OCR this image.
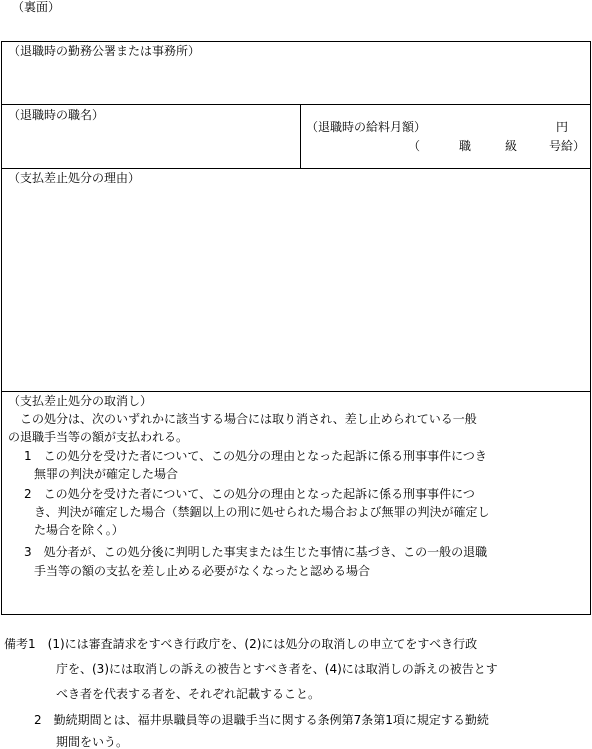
（裏面）
（退職時の勤務公署または事務所）
（退職時の職名）
（退職時の給料月額）	円
（	職	級	号給）
（支払差止処分の理由）
（支払差止処分の取消し）
この処分は、次のいずれかに該当する場合には取り消され、差し止められている一般
の退職手当等の額が支払われる。
1　この処分を受けた者について、この処分の理由となった起訴に係る刑事事件につき
無罪の判決が確定した場合
2　この処分を受けた者について、この処分の理由となった起訴に係る刑事事件につ
き、判決が確定した場合（禁錮以上の刑に処せられた場合および無罪の判決が確定し
た場合を除く。）
3　処分者が、この処分後に判明した事実または生じた事情に基づき、この一般の退職
手当等の額の支払を差し止める必要がなくなったと認める場合
備考1　(1)には審査請求をすべき行政庁を、(2)には処分の取消しの申立てをすべき行政
庁を、(3)には取消しの訴えの被告とすべき者を、(4)には取消しの訴えの被告とす
べき者を代表する者を、それぞれ記載すること。
2　勤続期間とは、福井県職員等の退職手当に関する条例第7条第1項に規定する勤続
期間をいう。
